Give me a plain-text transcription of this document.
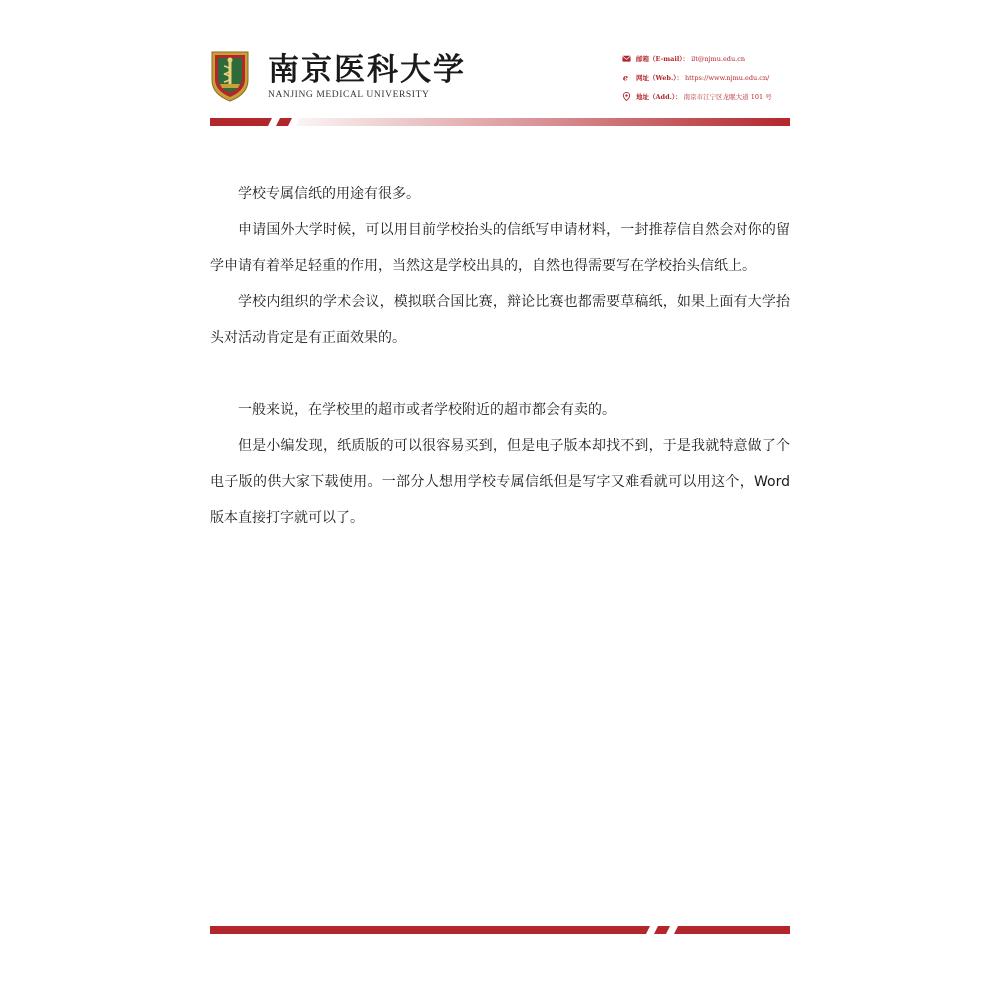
南京医科大学
NANJING MEDICAL UNIVERSITY
邮箱（E-mail）： ilt@njmu.edu.cn
e 网址（Web.）： https://www.njmu.edu.cn/
地址（Add.）： 南京市江宁区龙眠大道 101 号

学校专属信纸的用途有很多。

申请国外大学时候，可以用目前学校抬头的信纸写申请材料，一封推荐信自然会对你的留学申请有着举足轻重的作用，当然这是学校出具的，自然也得需要写在学校抬头信纸上。

学校内组织的学术会议，模拟联合国比赛，辩论比赛也都需要草稿纸，如果上面有大学抬头对活动肯定是有正面效果的。

一般来说，在学校里的超市或者学校附近的超市都会有卖的。

但是小编发现，纸质版的可以很容易买到，但是电子版本却找不到，于是我就特意做了个电子版的供大家下载使用。一部分人想用学校专属信纸但是写字又难看就可以用这个，Word 版本直接打字就可以了。
